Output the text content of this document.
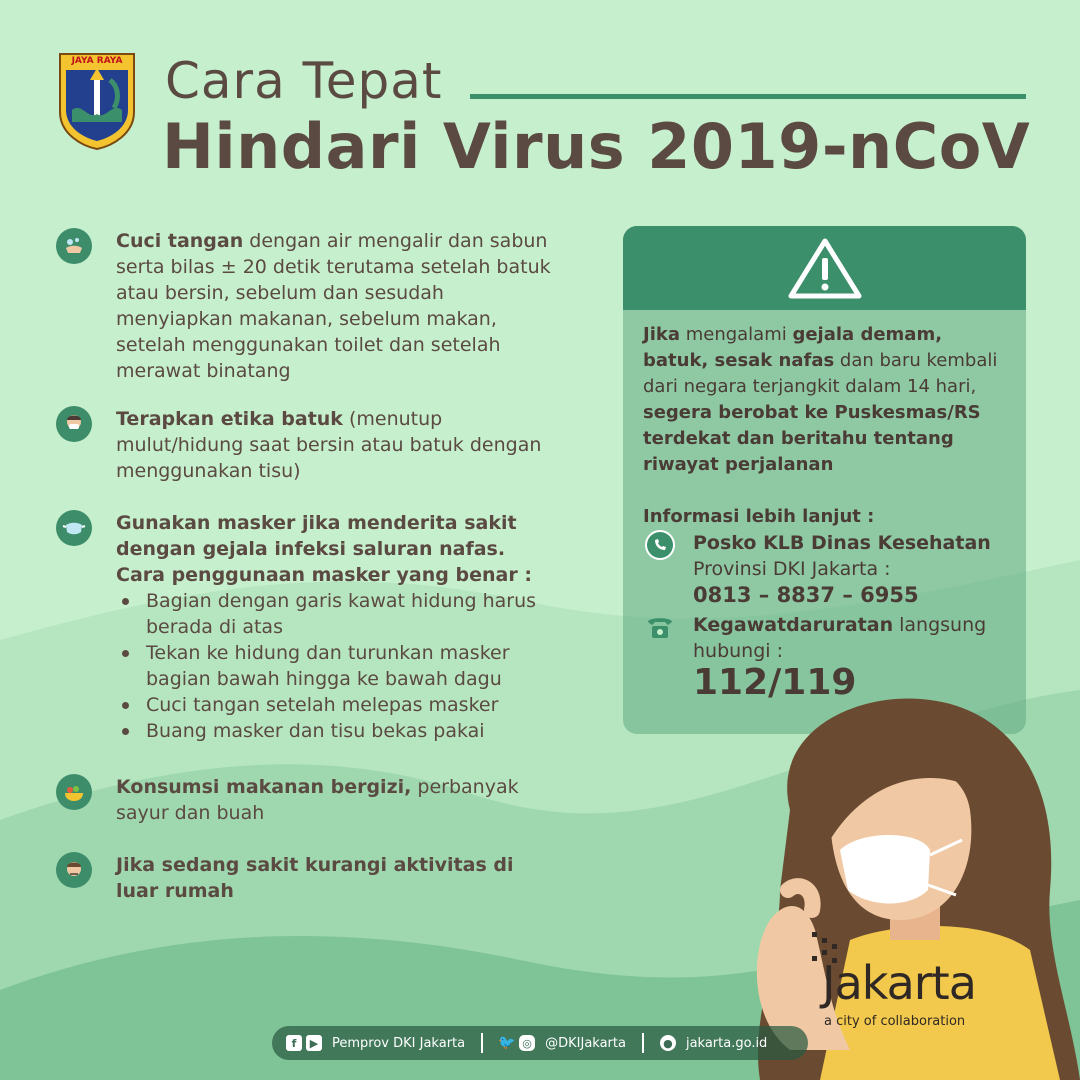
JAYA RAYA Cara Tepat
Hindari Virus 2019-nCoV
Cuci tangan dengan air mengalir dan sabun serta bilas ± 20 detik terutama setelah batuk atau bersin, sebelum dan sesudah menyiapkan makanan, sebelum makan, setelah menggunakan toilet dan setelah merawat binatang
Terapkan etika batuk (menutup mulut/hidung saat bersin atau batuk dengan menggunakan tisu)
Gunakan masker jika menderita sakit dengan gejala infeksi saluran nafas.
Cara penggunaan masker yang benar :
Bagian dengan garis kawat hidung harus berada di atas
Tekan ke hidung dan turunkan masker bagian bawah hingga ke bawah dagu
Cuci tangan setelah melepas masker
Buang masker dan tisu bekas pakai
Konsumsi makanan bergizi, perbanyak sayur dan buah
Jika sedang sakit kurangi aktivitas di luar rumah
Jika mengalami gejala demam, batuk, sesak nafas dan baru kembali dari negara terjangkit dalam 14 hari, segera berobat ke Puskesmas/RS terdekat dan beritahu tentang riwayat perjalanan
Informasi lebih lanjut :
Posko KLB Dinas Kesehatan
Provinsi DKI Jakarta :
0813 – 8837 – 6955
Kegawatdaruratan langsung
hubungi :
112/119
Jakarta
a city of collaboration
f	▶ Pemprov DKI Jakarta 🐦 ◎ @DKIJakarta	● jakarta.go.id
